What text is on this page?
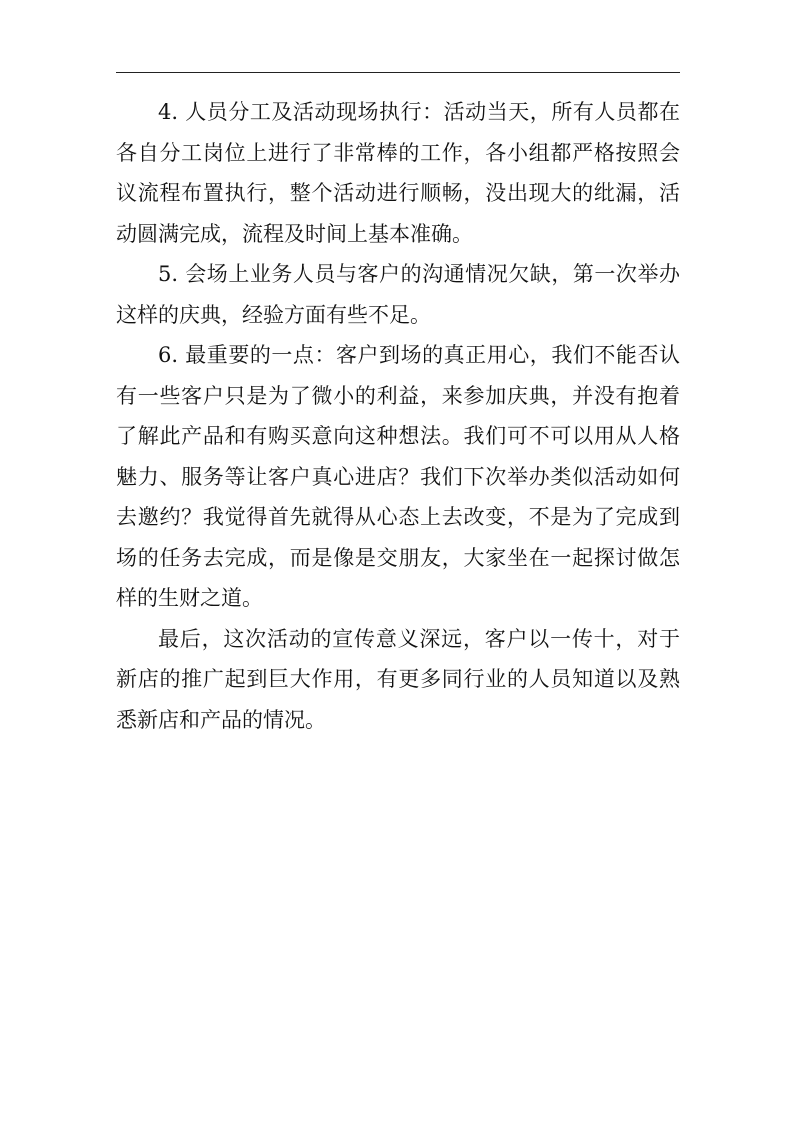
4. 人员分工及活动现场执行：活动当天，所有人员都在各自分工岗位上进行了非常棒的工作，各小组都严格按照会议流程布置执行，整个活动进行顺畅，没出现大的纰漏，活动圆满完成，流程及时间上基本准确。

5. 会场上业务人员与客户的沟通情况欠缺，第一次举办这样的庆典，经验方面有些不足。

6. 最重要的一点：客户到场的真正用心，我们不能否认有一些客户只是为了微小的利益，来参加庆典，并没有抱着了解此产品和有购买意向这种想法。我们可不可以用从人格魅力、服务等让客户真心进店？我们下次举办类似活动如何去邀约？我觉得首先就得从心态上去改变，不是为了完成到场的任务去完成，而是像是交朋友，大家坐在一起探讨做怎样的生财之道。

最后，这次活动的宣传意义深远，客户以一传十，对于新店的推广起到巨大作用，有更多同行业的人员知道以及熟悉新店和产品的情况。
